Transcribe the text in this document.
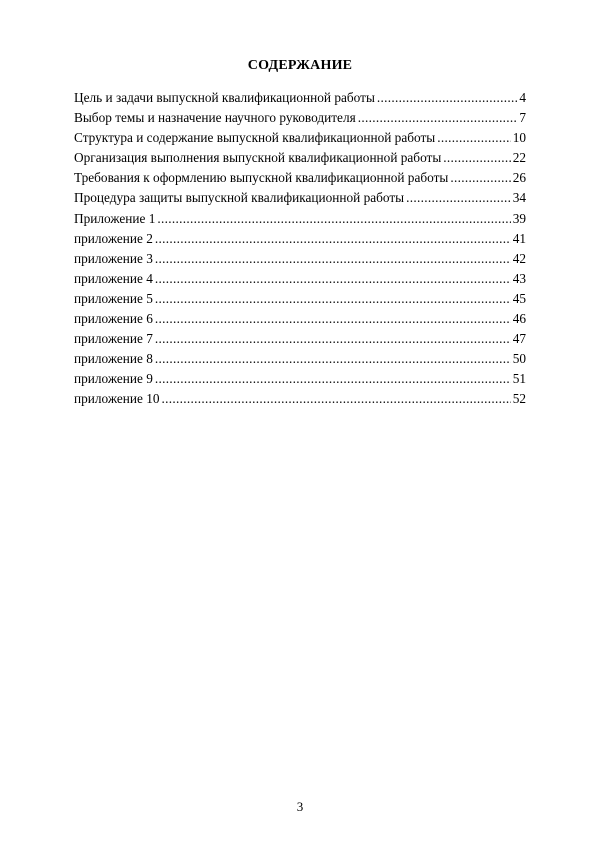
СОДЕРЖАНИЕ
Цель и задачи выпускной квалификационной работы .....	4
Выбор темы и назначение научного руководителя .....	7
Структура и содержание выпускной квалификационной работы .....	10
Организация выполнения выпускной квалификационной работы .....	22
Требования к оформлению выпускной квалификационной работы .....	26
Процедура защиты выпускной квалификационной работы .....	34
Приложение 1 .....	39
приложение 2 .....	41
приложение 3 .....	42
приложение 4 .....	43
приложение 5 .....	45
приложение 6 .....	46
приложение 7 .....	47
приложение 8 .....	50
приложение 9 .....	51
приложение 10 .....	52
3
